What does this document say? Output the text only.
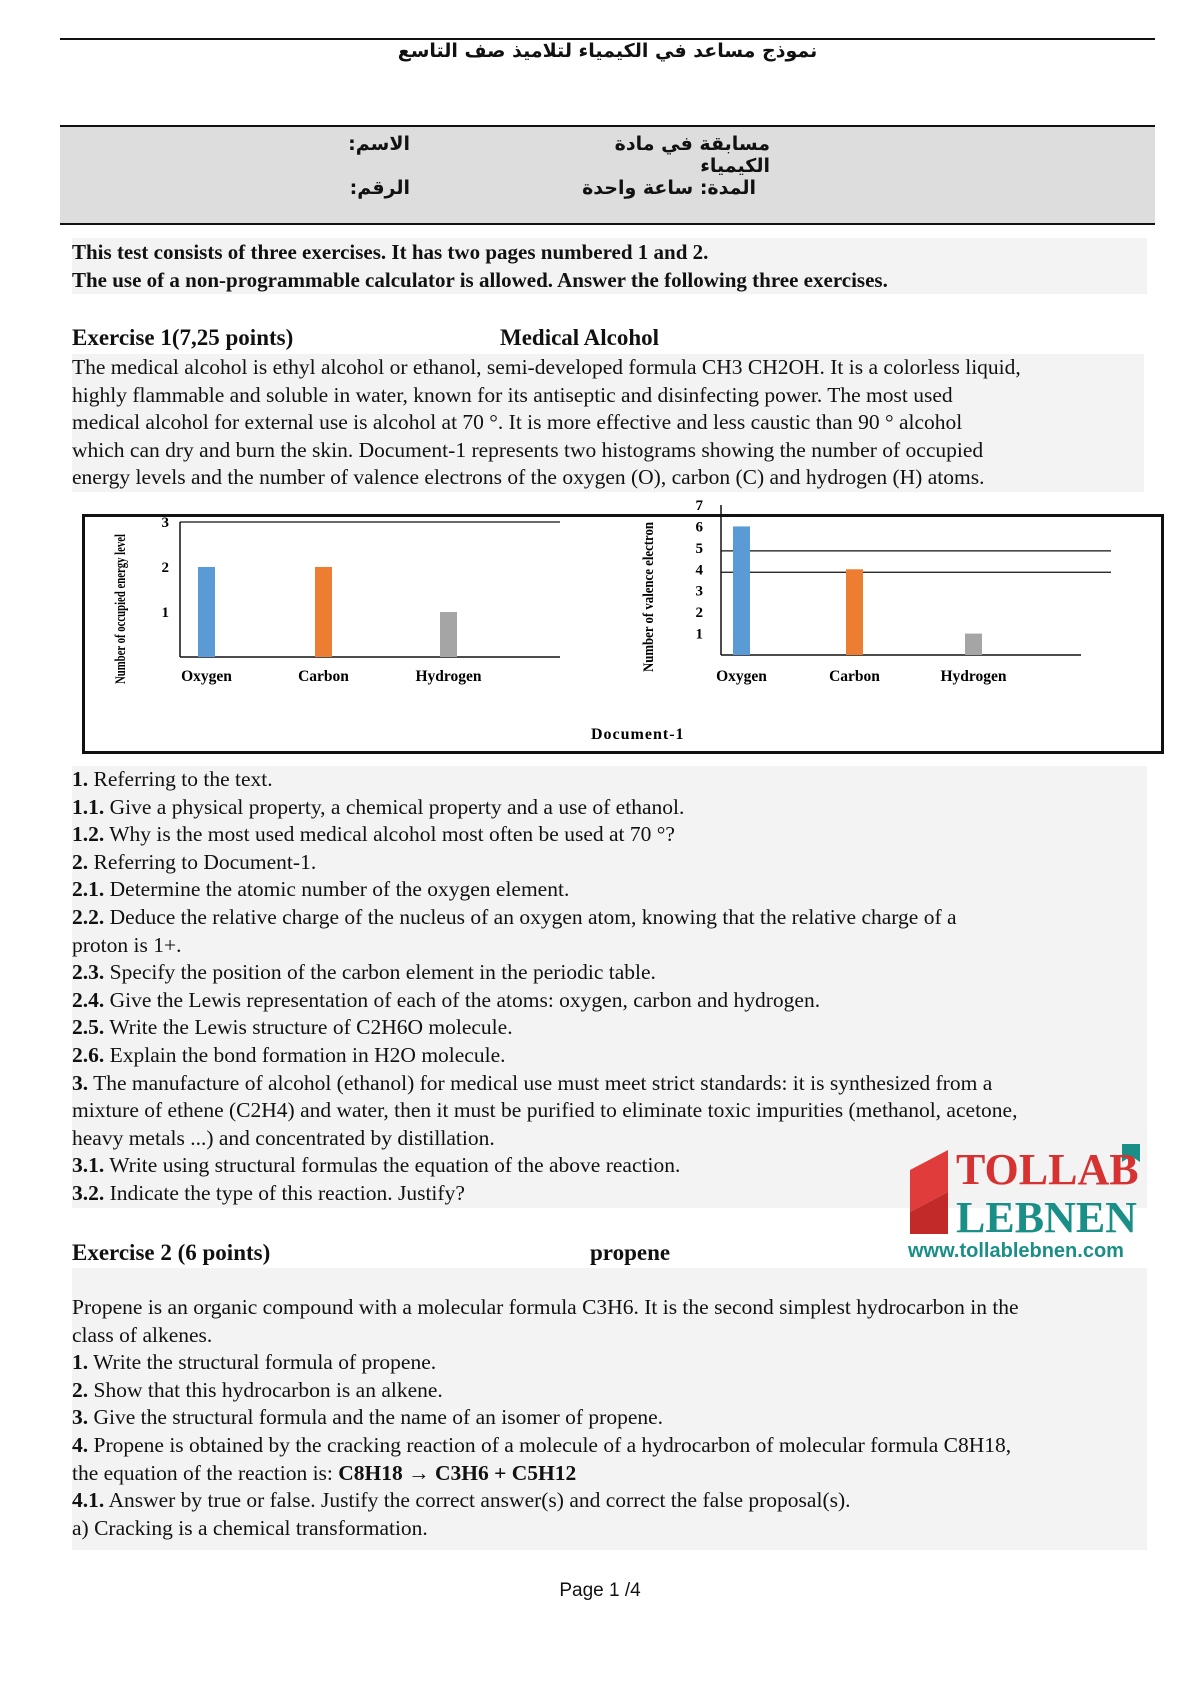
نموذج مساعد في الكيمياء لتلاميذ صف التاسع
الاسم:	مسابقة في مادة الكيمياء
الرقم:	المدة: ساعة واحدة
This test consists of three exercises. It has two pages numbered 1 and 2.
The use of a non-programmable calculator is allowed. Answer the following three exercises.
Exercise 1(7,25 points)	Medical Alcohol
The medical alcohol is ethyl alcohol or ethanol, semi-developed formula CH3 CH2OH. It is a colorless liquid,
highly flammable and soluble in water, known for its antiseptic and disinfecting power. The most used
medical alcohol for external use is alcohol at 70 °. It is more effective and less caustic than 90 ° alcohol
which can dry and burn the skin. Document-1 represents two histograms showing the number of occupied
energy levels and the number of valence electrons of the oxygen (O), carbon (C) and hydrogen (H) atoms.
1
2
3
Oxygen	Carbon	Hydrogen
Number of occupied energy level	1
2
3
4
5
6
7
Oxygen	Carbon	Hydrogen
Number of valence electron
Document-1
1. Referring to the text.
1.1. Give a physical property, a chemical property and a use of ethanol.
1.2. Why is the most used medical alcohol most often be used at 70 °?
2. Referring to Document-1.
2.1. Determine the atomic number of the oxygen element.
2.2. Deduce the relative charge of the nucleus of an oxygen atom, knowing that the relative charge of a
proton is 1+.
2.3. Specify the position of the carbon element in the periodic table.
2.4. Give the Lewis representation of each of the atoms: oxygen, carbon and hydrogen.
2.5. Write the Lewis structure of C2H6O molecule.
2.6. Explain the bond formation in H2O molecule.
3. The manufacture of alcohol (ethanol) for medical use must meet strict standards: it is synthesized from a
mixture of ethene (C2H4) and water, then it must be purified to eliminate toxic impurities (methanol, acetone,
heavy metals ...) and concentrated by distillation.
3.1. Write using structural formulas the equation of the above reaction.
3.2. Indicate the type of this reaction. Justify?	TOLLAB
LEBNEN
www.tollablebnen.com
Exercise 2 (6 points)	propene
Propene is an organic compound with a molecular formula C3H6. It is the second simplest hydrocarbon in the
class of alkenes.
1. Write the structural formula of propene.
2. Show that this hydrocarbon is an alkene.
3. Give the structural formula and the name of an isomer of propene.
4. Propene is obtained by the cracking reaction of a molecule of a hydrocarbon of molecular formula C8H18,
the equation of the reaction is: C8H18 → C3H6 + C5H12
4.1. Answer by true or false. Justify the correct answer(s) and correct the false proposal(s).
a) Cracking is a chemical transformation.
Page 1 /4
